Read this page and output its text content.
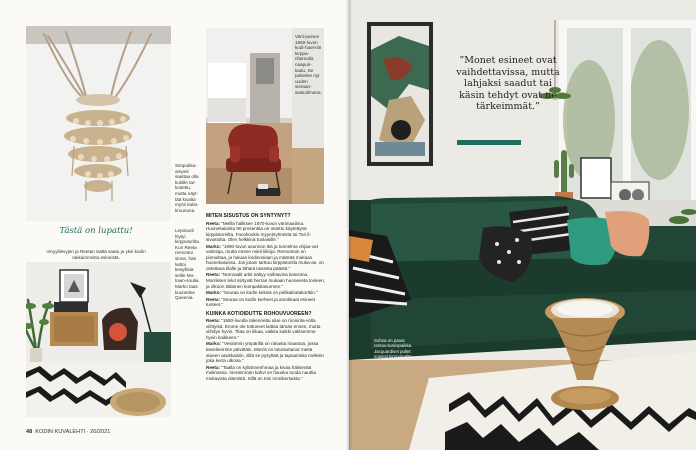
Simpukka-ampeli saattaa olla kukille tar-koitettu, mutta näyt-tää kivalta myös katto-kruununa.
Vitrii-puinen 1960-luvun kodi-haet-tiin kirppa-riltamalla naapuri-kadu. Se palvelee nyt uuden vieraan- saskoilmana.
Tästä on lupattu!
Vinyylilevyjen ja Reetan isältä saatu ja yksi kodin rakkaimmista esineistä.
Lepotuoli löytyi kirpputorilta. Kun Reeta remontoi sinne, hän laittoi kesyllisiä seille Mo-town-soulia. Marko taas kuuntelee Queenia.
MITEN SISUSTUS ON SYNTYNYT?

Reeta: ”Meillä hallitsee 1970-luvun värimaailma. Huonekaluista 90 prosenttia on ostettu käytettynä kirppistoreilta, Facebookin myyntiryhmistä tai Tori.fi-sivustolta. Olen helkkinä tuolaisille.”

Marko: ”1990-luvun asunnon ikä ja tunnelma ohjaa-vat valintoja, mutta emme mieti liikoja. Remontoin en pinnoittaa, ja haluan kodinosiaan ja määrää mukaan huonekaluissa. Jos jotain tarttuu kirppistorilla muka-an, on ostettava tilalle ja lähteä toisesta päästä.”

Reeta: ”Normaalit arkit näkyy vaihtavina kasvoina. Morriksen lelut siirtyvät herran mukaan huoneesta toiseen, ja olkoon tällainen kompaktiasumme.”

Marko: ”Seuraa on kodin keksiä on pelikaliratakorttiin.”

Reeta: ”Seuraa on kodin kerheet ja arvokkaat esineet tunteet.”

KUINKA KOTIOIDUTTE ROHOUVUOREEN?

Reeta: ”1950-luvulla rakennettu alue on moninta-volla viihtyisä. Emme ole tottuneet laittaa tämän ennen, mutta viihdyn hyvin. Tilaa on liikaa, vaikka kaikki valitsemme hyvin kaikkeen.”

Marko: ”Vesiiörnin ympärillä on rakasta maastoa, jossa käveleemme päivittäin. Morris on tutustuttanut meitä alueen asukkaisiin, sillä se pysyttää ja tapaamisia melkein joka kerta ulkona.”

Reeta: ”Taalla on kyltännenhmaa ja kivaa hälisevää melinassa. Vieräimmän kahvi on hauska tuoda nauttia mukavista elämistä. Sillä on tosi monikertaista.”

48 KODIN KUVALEHTI · 20/2021
”Monet esineet ovat vaihdettavissa, mutta lahjaksi saadut tai käsin tehdyt ovat ne tärkeimmät.”
Sohva on paras rentou-tumispaikka. Jacquardiset pullet sopivat kirpputorilta.
